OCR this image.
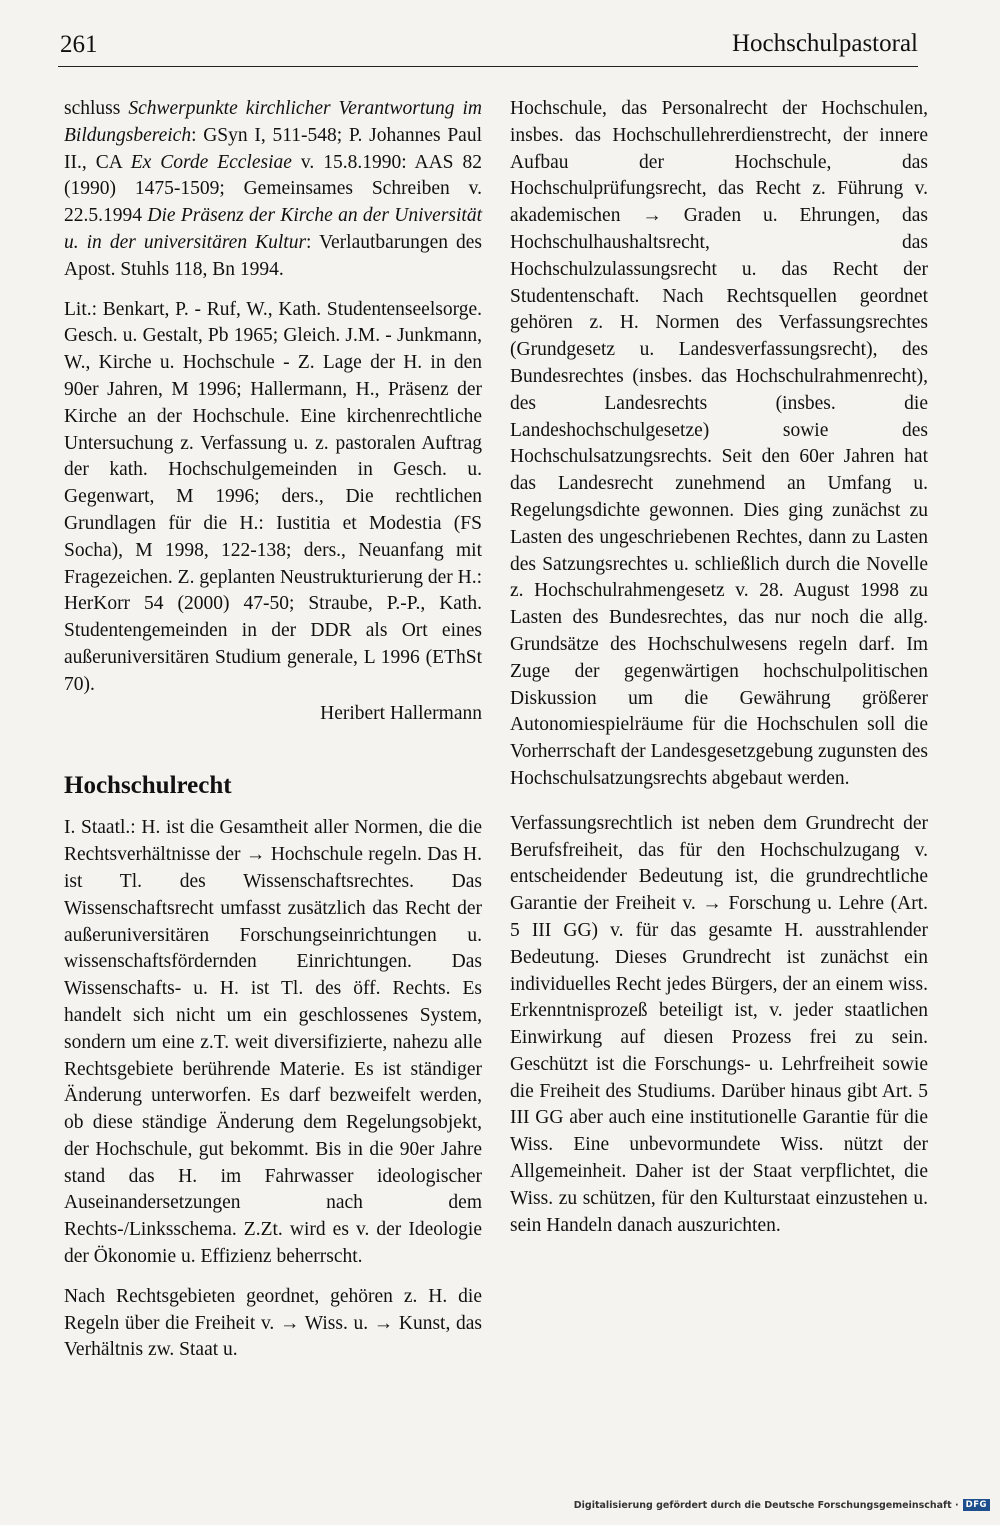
261	Hochschulpastoral

schluss Schwerpunkte kirchlicher Verantwortung im Bildungsbereich: GSyn I, 511-548; P. Johannes Paul II., CA Ex Corde Ecclesiae v. 15.8.1990: AAS 82 (1990) 1475-1509; Gemeinsames Schreiben v. 22.5.1994 Die Präsenz der Kirche an der Universität u. in der universitären Kultur: Verlautbarungen des Apost. Stuhls 118, Bn 1994.

Lit.: Benkart, P. - Ruf, W., Kath. Studentenseelsorge. Gesch. u. Gestalt, Pb 1965; Gleich. J.M. - Junkmann, W., Kirche u. Hochschule - Z. Lage der H. in den 90er Jahren, M 1996; Hallermann, H., Präsenz der Kirche an der Hochschule. Eine kirchenrechtliche Untersuchung z. Verfassung u. z. pastoralen Auftrag der kath. Hochschulgemeinden in Gesch. u. Gegenwart, M 1996; ders., Die rechtlichen Grundlagen für die H.: Iustitia et Modestia (FS Socha), M 1998, 122-138; ders., Neuanfang mit Fragezeichen. Z. geplanten Neustrukturierung der H.: HerKorr 54 (2000) 47-50; Straube, P.-P., Kath. Studentengemeinden in der DDR als Ort eines außeruniversitären Studium generale, L 1996 (EThSt 70).

Heribert Hallermann
Hochschulrecht

I. Staatl.: H. ist die Gesamtheit aller Normen, die die Rechtsverhältnisse der → Hochschule regeln. Das H. ist Tl. des Wissenschaftsrechtes. Das Wissenschaftsrecht umfasst zusätzlich das Recht der außeruniversitären Forschungseinrichtungen u. wissenschaftsfördernden Einrichtungen. Das Wissenschafts- u. H. ist Tl. des öff. Rechts. Es handelt sich nicht um ein geschlossenes System, sondern um eine z.T. weit diversifizierte, nahezu alle Rechtsgebiete berührende Materie. Es ist ständiger Änderung unterworfen. Es darf bezweifelt werden, ob diese ständige Änderung dem Regelungsobjekt, der Hochschule, gut bekommt. Bis in die 90er Jahre stand das H. im Fahrwasser ideologischer Auseinandersetzungen nach dem Rechts-/Linksschema. Z.Zt. wird es v. der Ideologie der Ökonomie u. Effizienz beherrscht.

Nach Rechtsgebieten geordnet, gehören z. H. die Regeln über die Freiheit v. → Wiss. u. → Kunst, das Verhältnis zw. Staat u.

Hochschule, das Personalrecht der Hochschulen, insbes. das Hochschullehrerdienstrecht, der innere Aufbau der Hochschule, das Hochschulprüfungsrecht, das Recht z. Führung v. akademischen → Graden u. Ehrungen, das Hochschulhaushaltsrecht, das Hochschulzulassungsrecht u. das Recht der Studentenschaft. Nach Rechtsquellen geordnet gehören z. H. Normen des Verfassungsrechtes (Grundgesetz u. Landesverfassungsrecht), des Bundesrechtes (insbes. das Hochschulrahmenrecht), des Landesrechts (insbes. die Landeshochschulgesetze) sowie des Hochschulsatzungsrechts. Seit den 60er Jahren hat das Landesrecht zunehmend an Umfang u. Regelungsdichte gewonnen. Dies ging zunächst zu Lasten des ungeschriebenen Rechtes, dann zu Lasten des Satzungsrechtes u. schließlich durch die Novelle z. Hochschulrahmengesetz v. 28. August 1998 zu Lasten des Bundesrechtes, das nur noch die allg. Grundsätze des Hochschulwesens regeln darf. Im Zuge der gegenwärtigen hochschulpolitischen Diskussion um die Gewährung größerer Autonomiespielräume für die Hochschulen soll die Vorherrschaft der Landesgesetzgebung zugunsten des Hochschulsatzungsrechts abgebaut werden.

Verfassungsrechtlich ist neben dem Grundrecht der Berufsfreiheit, das für den Hochschulzugang v. entscheidender Bedeutung ist, die grundrechtliche Garantie der Freiheit v. → Forschung u. Lehre (Art. 5 III GG) v. für das gesamte H. ausstrahlender Bedeutung. Dieses Grundrecht ist zunächst ein individuelles Recht jedes Bürgers, der an einem wiss. Erkenntnisprozeß beteiligt ist, v. jeder staatlichen Einwirkung auf diesen Prozess frei zu sein. Geschützt ist die Forschungs- u. Lehrfreiheit sowie die Freiheit des Studiums. Darüber hinaus gibt Art. 5 III GG aber auch eine institutionelle Garantie für die Wiss. Eine unbevormundete Wiss. nützt der Allgemeinheit. Daher ist der Staat verpflichtet, die Wiss. zu schützen, für den Kulturstaat einzustehen u. sein Handeln danach auszurichten.

Digitalisierung gefördert durch die Deutsche Forschungsgemeinschaft · DFG
